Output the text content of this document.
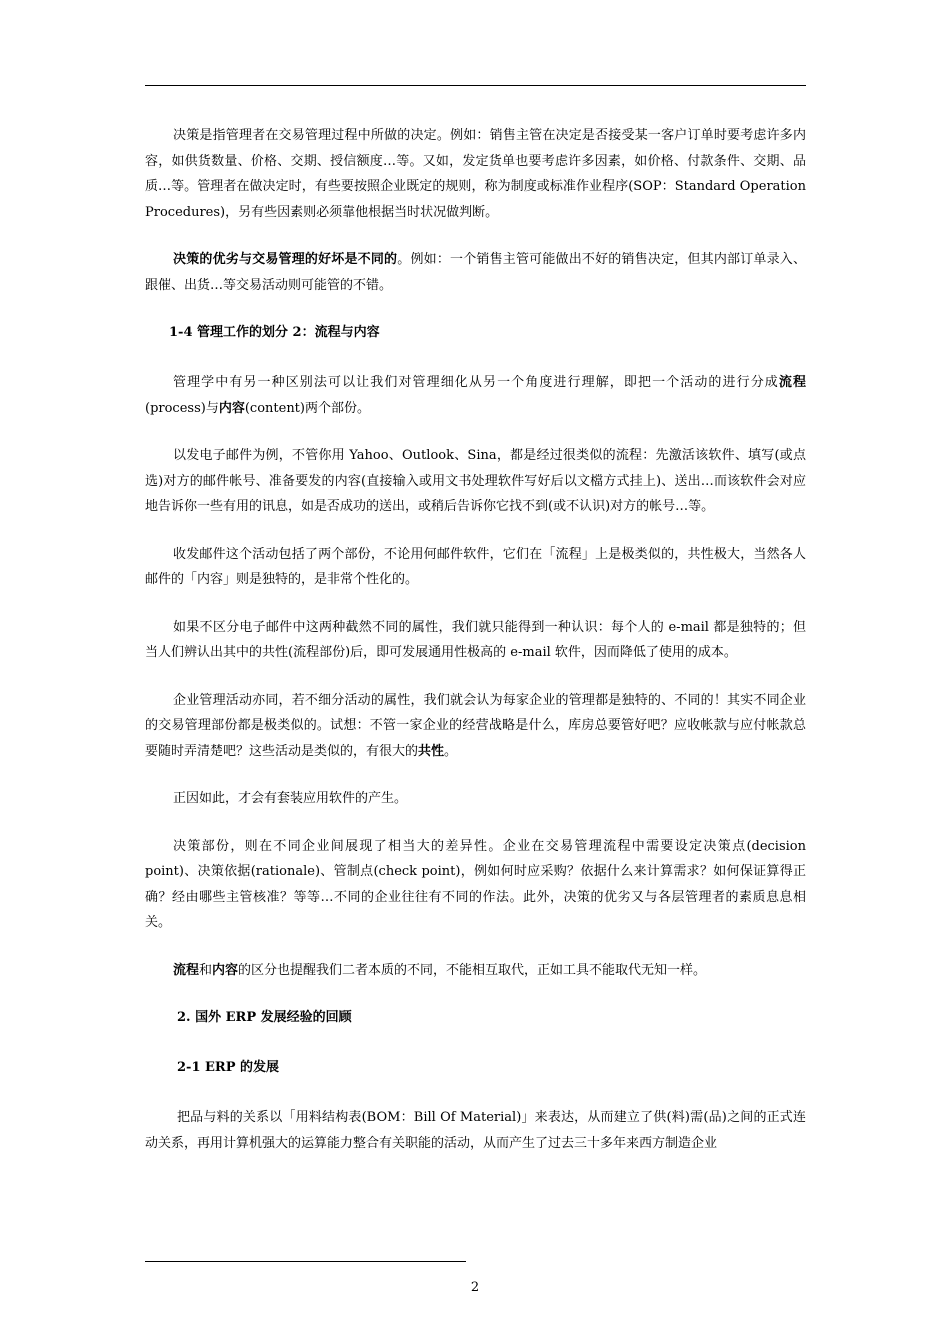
决策是指管理者在交易管理过程中所做的决定。例如：销售主管在决定是否接受某一客户订单时要考虑许多内容，如供货数量、价格、交期、授信额度…等。又如，发定货单也要考虑许多因素，如价格、付款条件、交期、品质…等。管理者在做决定时，有些要按照企业既定的规则，称为制度或标准作业程序(SOP：Standard Operation Procedures)，另有些因素则必须靠他根据当时状况做判断。

决策的优劣与交易管理的好坏是不同的。例如：一个销售主管可能做出不好的销售决定，但其内部订单录入、跟催、出货…等交易活动则可能管的不错。

1-4 管理工作的划分 2：流程与内容

管理学中有另一种区别法可以让我们对管理细化从另一个角度进行理解，即把一个活动的进行分成流程(process)与内容(content)两个部份。

以发电子邮件为例，不管你用 Yahoo、Outlook、Sina，都是经过很类似的流程：先激活该软件、填写(或点选)对方的邮件帐号、准备要发的内容(直接输入或用文书处理软件写好后以文檔方式挂上)、送出…而该软件会对应地告诉你一些有用的讯息，如是否成功的送出，或稍后告诉你它找不到(或不认识)对方的帐号…等。

收发邮件这个活动包括了两个部份，不论用何邮件软件，它们在「流程」上是极类似的，共性极大，当然各人邮件的「内容」则是独特的，是非常个性化的。

如果不区分电子邮件中这两种截然不同的属性，我们就只能得到一种认识：每个人的 e-mail 都是独特的；但当人们辨认出其中的共性(流程部份)后，即可发展通用性极高的 e-mail 软件，因而降低了使用的成本。

企业管理活动亦同，若不细分活动的属性，我们就会认为每家企业的管理都是独特的、不同的！其实不同企业的交易管理部份都是极类似的。试想：不管一家企业的经营战略是什么，库房总要管好吧？应收帐款与应付帐款总要随时弄清楚吧？这些活动是类似的，有很大的共性。

正因如此，才会有套装应用软件的产生。

决策部份，则在不同企业间展现了相当大的差异性。企业在交易管理流程中需要设定决策点(decision point)、决策依据(rationale)、管制点(check point)，例如何时应采购？依据什么来计算需求？如何保证算得正确？经由哪些主管核准？等等…不同的企业往往有不同的作法。此外，决策的优劣又与各层管理者的素质息息相关。

流程和内容的区分也提醒我们二者本质的不同，不能相互取代，正如工具不能取代无知一样。

2. 国外 ERP 发展经验的回顾
2-1 ERP 的发展

把品与料的关系以「用料结构表(BOM：Bill Of Material)」来表达，从而建立了供(料)需(品)之间的正式连动关系，再用计算机强大的运算能力整合有关职能的活动，从而产生了过去三十多年来西方制造企业

2
